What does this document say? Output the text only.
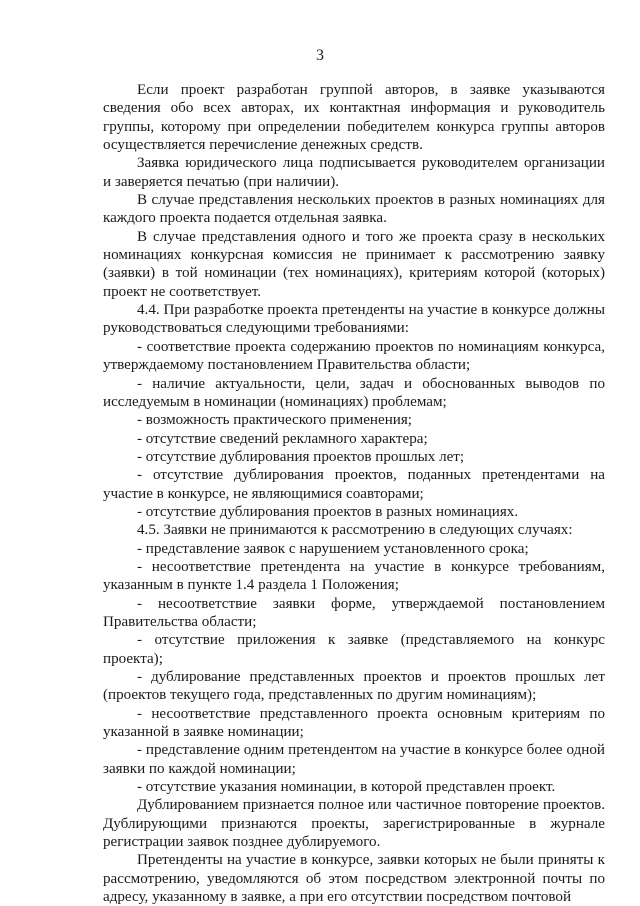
3

Если проект разработан группой авторов, в заявке указываются сведения обо всех авторах, их контактная информация и руководитель группы, которому при определении победителем конкурса группы авторов осуществляется перечисление денежных средств.

Заявка юридического лица подписывается руководителем организации и заверяется печатью (при наличии).

В случае представления нескольких проектов в разных номинациях для каждого проекта подается отдельная заявка.

В случае представления одного и того же проекта сразу в нескольких номинациях конкурсная комиссия не принимает к рассмотрению заявку (заявки) в той номинации (тех номинациях), критериям которой (которых) проект не соответствует.

4.4. При разработке проекта претенденты на участие в конкурсе должны руководствоваться следующими требованиями:

- соответствие проекта содержанию проектов по номинациям конкурса, утверждаемому постановлением Правительства области;

- наличие актуальности, цели, задач и обоснованных выводов по исследуемым в номинации (номинациях) проблемам;

- возможность практического применения;

- отсутствие сведений рекламного характера;

- отсутствие дублирования проектов прошлых лет;

- отсутствие дублирования проектов, поданных претендентами на участие в конкурсе, не являющимися соавторами;

- отсутствие дублирования проектов в разных номинациях.

4.5. Заявки не принимаются к рассмотрению в следующих случаях:

- представление заявок с нарушением установленного срока;

- несоответствие претендента на участие в конкурсе требованиям, указанным в пункте 1.4 раздела 1 Положения;

- несоответствие заявки форме, утверждаемой постановлением Правительства области;

- отсутствие приложения к заявке (представляемого на конкурс проекта);

- дублирование представленных проектов и проектов прошлых лет (проектов текущего года, представленных по другим номинациям);

- несоответствие представленного проекта основным критериям по указанной в заявке номинации;

- представление одним претендентом на участие в конкурсе более одной заявки по каждой номинации;

- отсутствие указания номинации, в которой представлен проект.

Дублированием признается полное или частичное повторение проектов. Дублирующими признаются проекты, зарегистрированные в журнале регистрации заявок позднее дублируемого.

Претенденты на участие в конкурсе, заявки которых не были приняты к рассмотрению, уведомляются об этом посредством электронной почты по адресу, указанному в заявке, а при его отсутствии посредством почтовой
